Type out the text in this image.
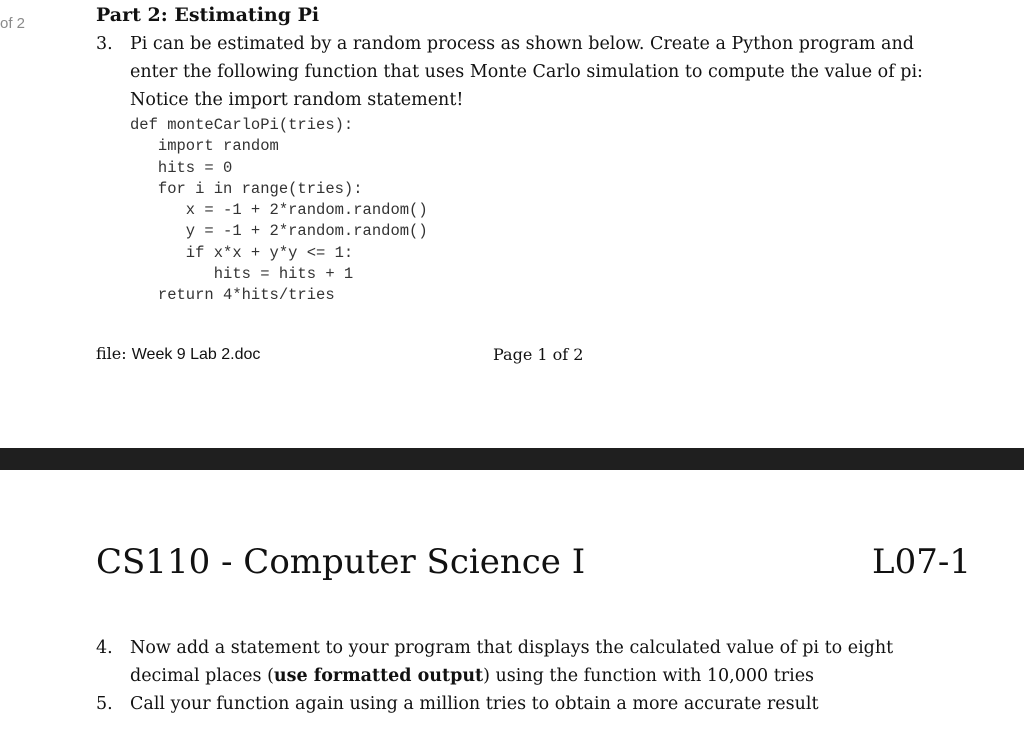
of 2	Part 2: Estimating Pi
3. Pi can be estimated by a random process as shown below. Create a Python program and
enter the following function that uses Monte Carlo simulation to compute the value of pi:
Notice the import random statement!
def monteCarloPi(tries):
import random
hits = 0
for i in range(tries):
x = -1 + 2*random.random()
y = -1 + 2*random.random()
if x*x + y*y <= 1:
hits = hits + 1
return 4*hits/tries
file: Week 9 Lab 2.doc	Page 1 of 2
CS110 - Computer Science I	L07-1
4. Now add a statement to your program that displays the calculated value of pi to eight
decimal places (use formatted output) using the function with 10,000 tries
5. Call your function again using a million tries to obtain a more accurate result
